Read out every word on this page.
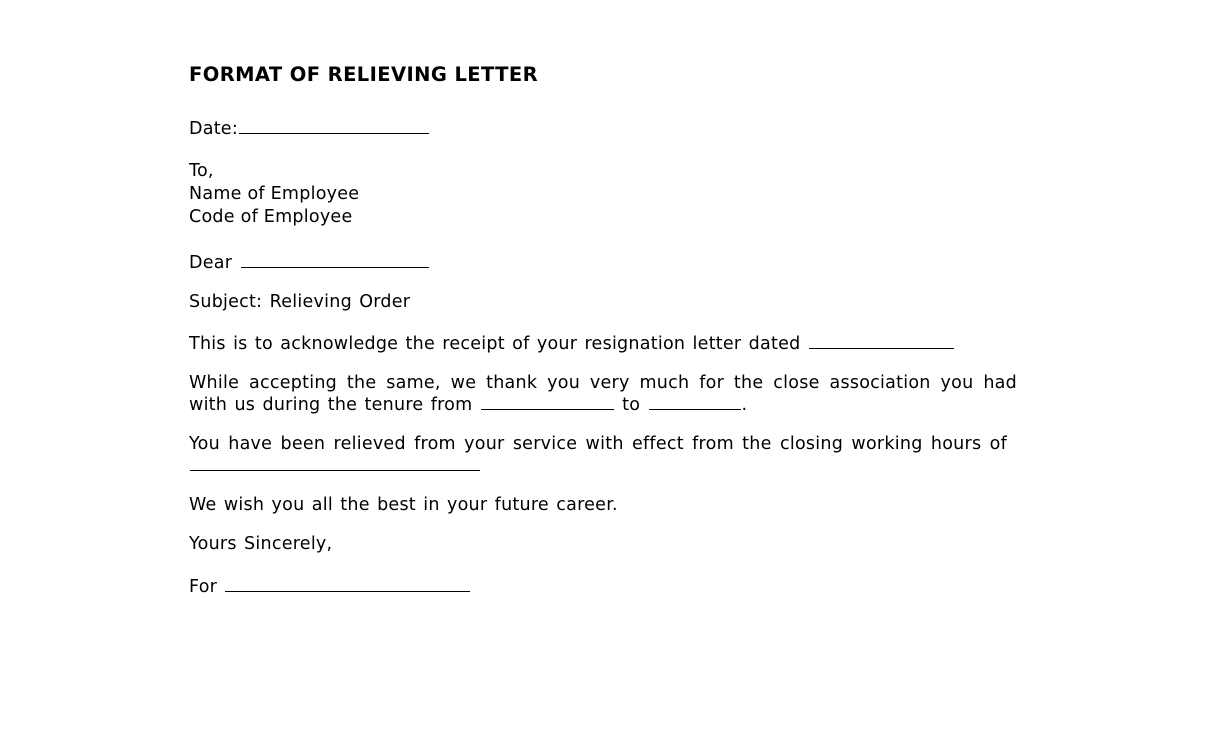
FORMAT OF RELIEVING LETTER

Date:

To,
Name of Employee
Code of Employee

Dear

Subject: Relieving Order

This is to acknowledge the receipt of your resignation letter dated

While accepting the same, we thank you very much for the close association you had with us during the tenure from	to	.

You have been relieved from your service with effect from the closing working hours of

We wish you all the best in your future career.

Yours Sincerely,

For
